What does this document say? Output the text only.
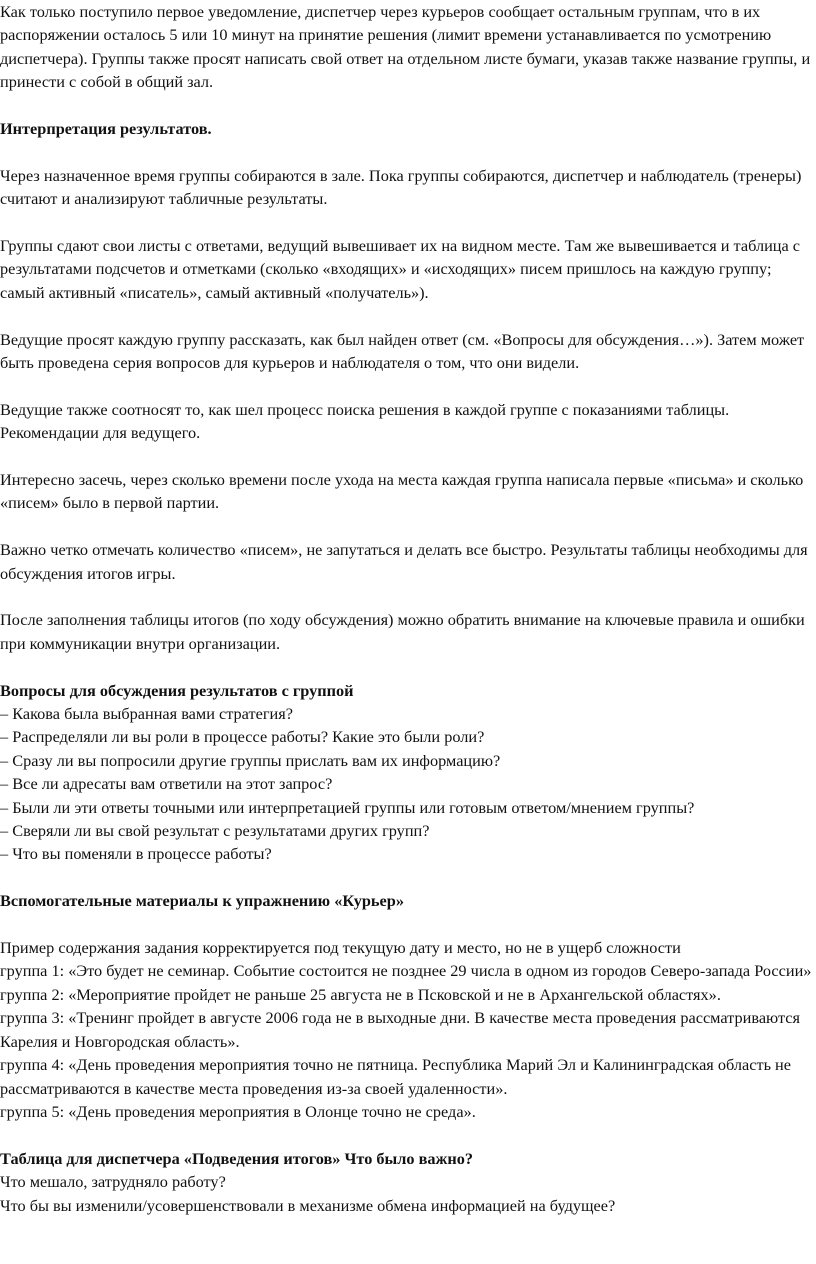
Как только поступило первое уведомление, диспетчер через курьеров сообщает остальным группам, что в их распоряжении осталось 5 или 10 минут на принятие решения (лимит времени устанавливается по усмотрению диспетчера). Группы также просят написать свой ответ на отдельном листе бумаги, указав также название группы, и принести с собой в общий зал.

Интерпретация результатов.

Через назначенное время группы собираются в зале. Пока группы собираются, диспетчер и наблюдатель (тренеры) считают и анализируют табличные результаты.

Группы сдают свои листы с ответами, ведущий вывешивает их на видном месте. Там же вывешивается и таблица с результатами подсчетов и отметками (сколько «входящих» и «исходящих» писем пришлось на каждую группу; самый активный «писатель», самый активный «получатель»).

Ведущие просят каждую группу рассказать, как был найден ответ (см. «Вопросы для обсуждения…»). Затем может быть проведена серия вопросов для курьеров и наблюдателя о том, что они видели.

Ведущие также соотносят то, как шел процесс поиска решения в каждой группе с показаниями таблицы. Рекомендации для ведущего.

Интересно засечь, через сколько времени после ухода на места каждая группа написала первые «письма» и сколько «писем» было в первой партии.

Важно четко отмечать количество «писем», не запутаться и делать все быстро. Результаты таблицы необходимы для обсуждения итогов игры.

После заполнения таблицы итогов (по ходу обсуждения) можно обратить внимание на ключевые правила и ошибки при коммуникации внутри организации.

Вопросы для обсуждения результатов с группой

– Какова была выбранная вами стратегия?

– Распределяли ли вы роли в процессе работы? Какие это были роли?

– Сразу ли вы попросили другие группы прислать вам их информацию?

– Все ли адресаты вам ответили на этот запрос?

– Были ли эти ответы точными или интерпретацией группы или готовым ответом/мнением группы?

– Сверяли ли вы свой результат с результатами других групп?

– Что вы поменяли в процессе работы?

Вспомогательные материалы к упражнению «Курьер»

Пример содержания задания корректируется под текущую дату и место, но не в ущерб сложности

группа 1: «Это будет не семинар. Событие состоится не позднее 29 числа в одном из городов Северо-запада России»

группа 2: «Мероприятие пройдет не раньше 25 августа не в Псковской и не в Архангельской областях».

группа 3: «Тренинг пройдет в августе 2006 года не в выходные дни. В качестве места проведения рассматриваются Карелия и Новгородская область».

группа 4: «День проведения мероприятия точно не пятница. Республика Марий Эл и Калининградская область не рассматриваются в качестве места проведения из-за своей удаленности».

группа 5: «День проведения мероприятия в Олонце точно не среда».

Таблица для диспетчера «Подведения итогов» Что было важно?

Что мешало, затрудняло работу?

Что бы вы изменили/усовершенствовали в механизме обмена информацией на будущее?
